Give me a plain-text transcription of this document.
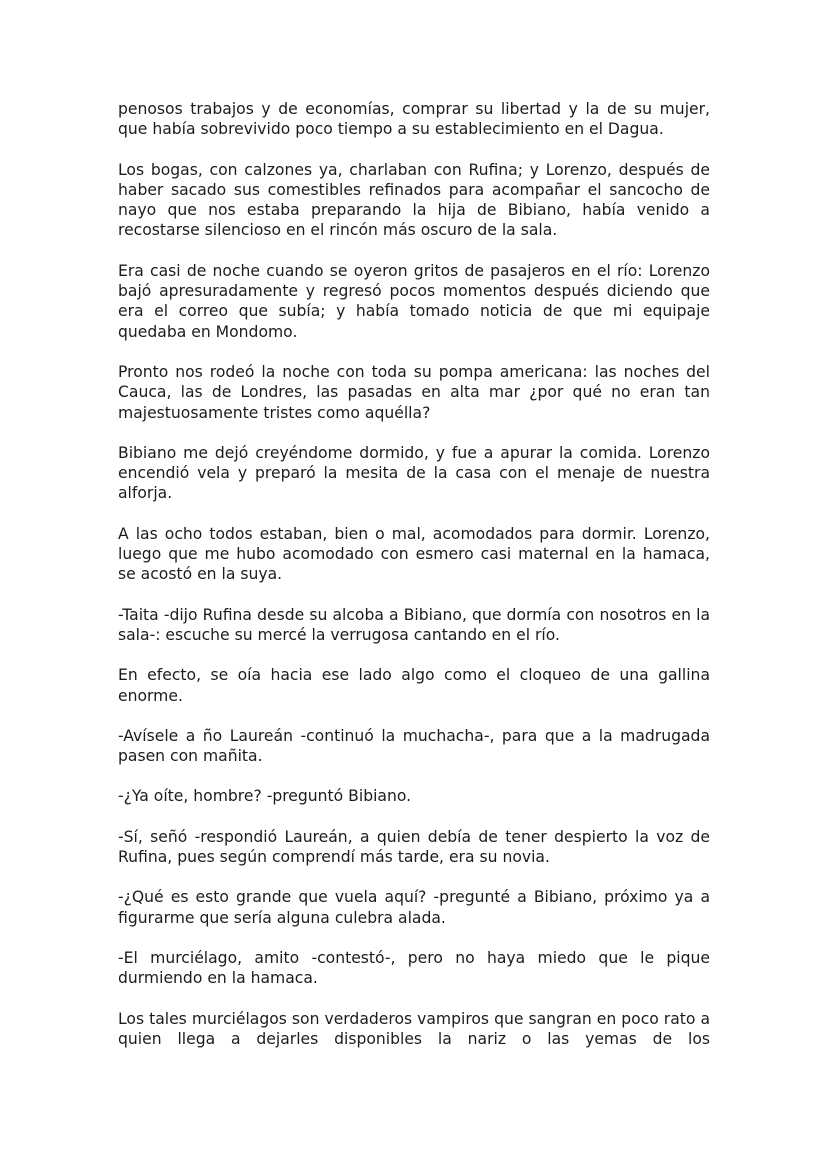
penosos trabajos y de economías, comprar su libertad y la de su mujer, que había sobrevivido poco tiempo a su establecimiento en el Dagua.

Los bogas, con calzones ya, charlaban con Rufina; y Lorenzo, después de haber sacado sus comestibles refinados para acompañar el sancocho de nayo que nos estaba preparando la hija de Bibiano, había venido a recostarse silencioso en el rincón más oscuro de la sala.

Era casi de noche cuando se oyeron gritos de pasajeros en el río: Lorenzo bajó apresuradamente y regresó pocos momentos después diciendo que era el correo que subía; y había tomado noticia de que mi equipaje quedaba en Mondomo.

Pronto nos rodeó la noche con toda su pompa americana: las noches del Cauca, las de Londres, las pasadas en alta mar ¿por qué no eran tan majestuosamente tristes como aquélla?

Bibiano me dejó creyéndome dormido, y fue a apurar la comida. Lorenzo encendió vela y preparó la mesita de la casa con el menaje de nuestra alforja.

A las ocho todos estaban, bien o mal, acomodados para dormir. Lorenzo, luego que me hubo acomodado con esmero casi maternal en la hamaca, se acostó en la suya.

-Taita -dijo Rufina desde su alcoba a Bibiano, que dormía con nosotros en la sala-: escuche su mercé la verrugosa cantando en el río.

En efecto, se oía hacia ese lado algo como el cloqueo de una gallina enorme.

-Avísele a ño Laureán -continuó la muchacha-, para que a la madrugada pasen con mañita.

-¿Ya oíte, hombre? -preguntó Bibiano.

-Sí, señó -respondió Laureán, a quien debía de tener despierto la voz de Rufina, pues según comprendí más tarde, era su novia.

-¿Qué es esto grande que vuela aquí? -pregunté a Bibiano, próximo ya a figurarme que sería alguna culebra alada.

-El murciélago, amito -contestó-, pero no haya miedo que le pique durmiendo en la hamaca.

Los tales murciélagos son verdaderos vampiros que sangran en poco rato a quien llega a dejarles disponibles la nariz o las yemas de los
